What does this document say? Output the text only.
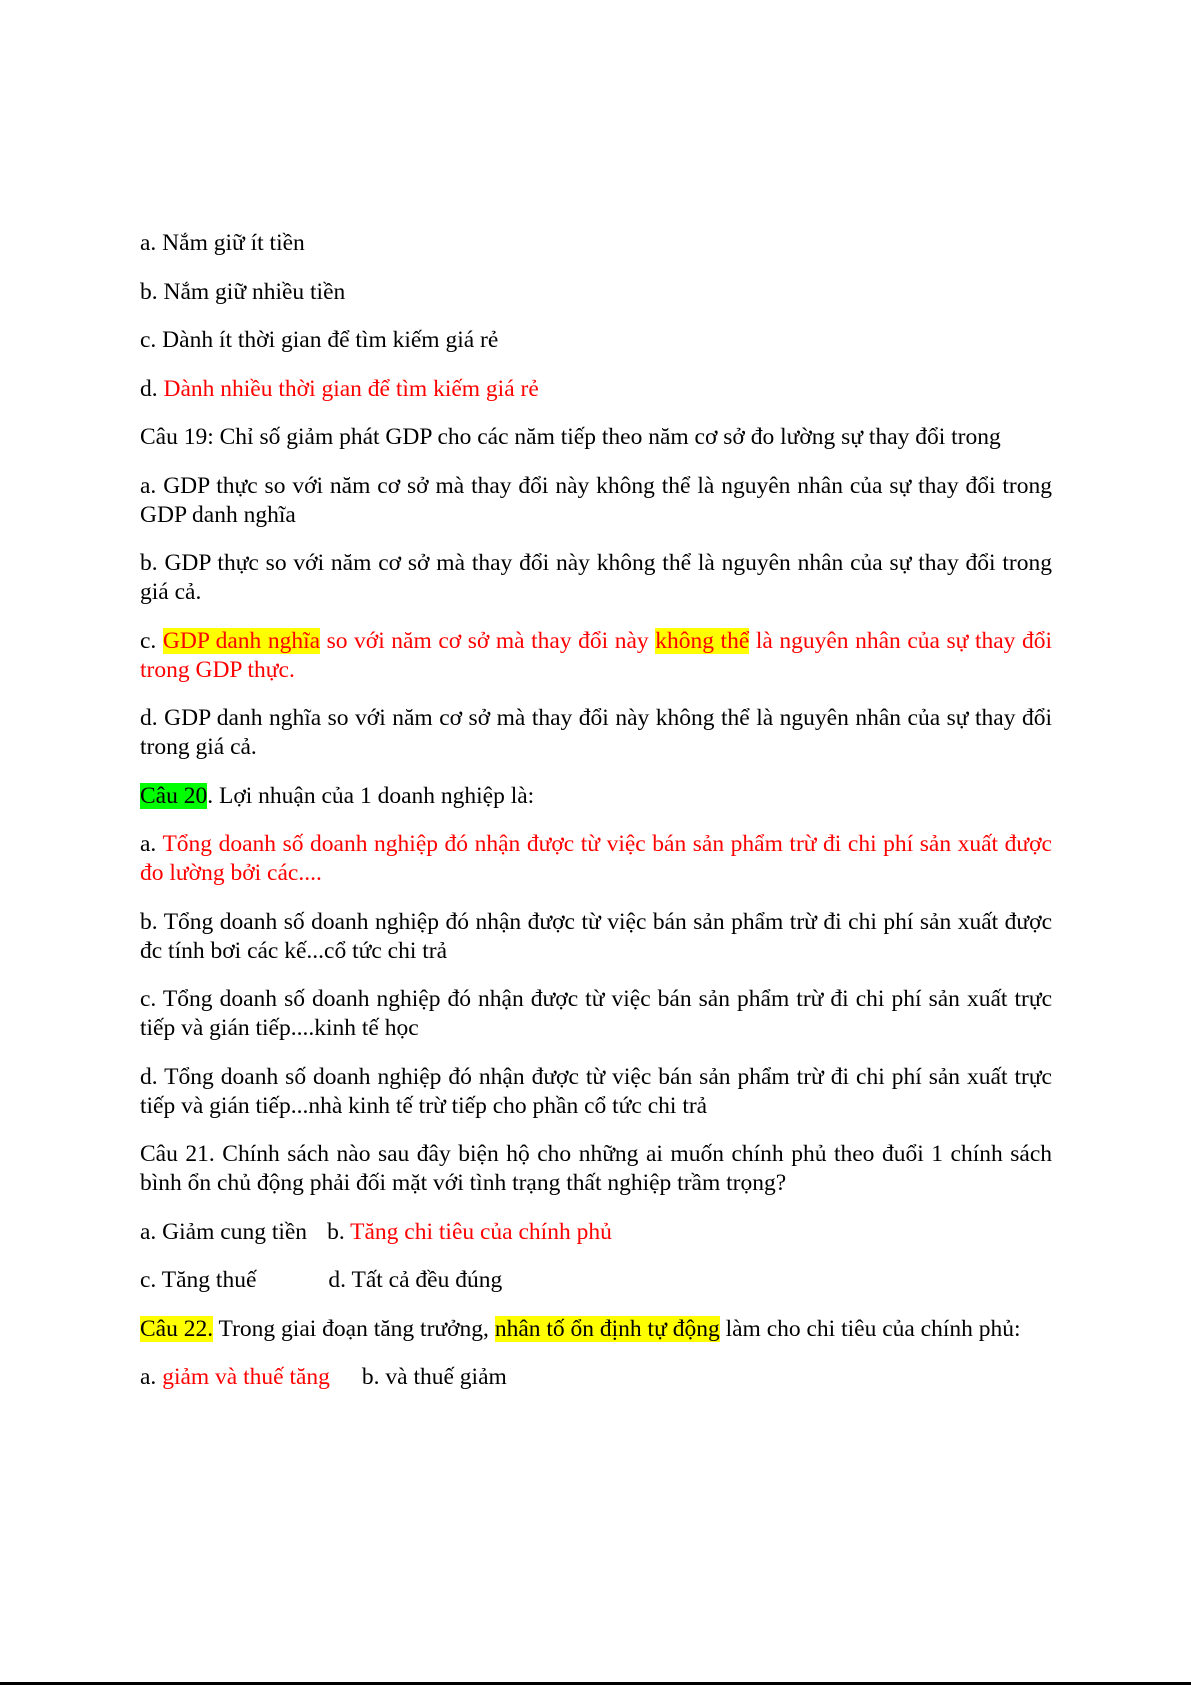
a. Nắm giữ ít tiền

b. Nắm giữ nhiều tiền

c. Dành ít thời gian để tìm kiếm giá rẻ

d. Dành nhiều thời gian để tìm kiếm giá rẻ

Câu 19: Chỉ số giảm phát GDP cho các năm tiếp theo năm cơ sở đo lường sự thay đổi trong

a. GDP thực so với năm cơ sở mà thay đổi này không thể là nguyên nhân của sự thay đổi trong GDP danh nghĩa

b. GDP thực so với năm cơ sở mà thay đổi này không thể là nguyên nhân của sự thay đổi trong giá cả.

c. GDP danh nghĩa so với năm cơ sở mà thay đổi này không thể là nguyên nhân của sự thay đổi trong GDP thực.

d. GDP danh nghĩa so với năm cơ sở mà thay đổi này không thể là nguyên nhân của sự thay đổi trong giá cả.

Câu 20. Lợi nhuận của 1 doanh nghiệp là:

a. Tổng doanh số doanh nghiệp đó nhận được từ việc bán sản phẩm trừ đi chi phí sản xuất được đo lường bởi các....

b. Tổng doanh số doanh nghiệp đó nhận được từ việc bán sản phẩm trừ đi chi phí sản xuất được đc tính bơi các kế...cổ tức chi trả

c. Tổng doanh số doanh nghiệp đó nhận được từ việc bán sản phẩm trừ đi chi phí sản xuất trực tiếp và gián tiếp....kinh tế học

d. Tổng doanh số doanh nghiệp đó nhận được từ việc bán sản phẩm trừ đi chi phí sản xuất trực tiếp và gián tiếp...nhà kinh tế trừ tiếp cho phần cổ tức chi trả

Câu 21. Chính sách nào sau đây biện hộ cho những ai muốn chính phủ theo đuổi 1 chính sách bình ổn chủ động phải đối mặt với tình trạng thất nghiệp trầm trọng?

a. Giảm cung tiền b. Tăng chi tiêu của chính phủ

c. Tăng thuế	d. Tất cả đều đúng

Câu 22. Trong giai đoạn tăng trưởng, nhân tố ổn định tự động làm cho chi tiêu của chính phủ:

a. giảm và thuế tăng b. và thuế giảm
